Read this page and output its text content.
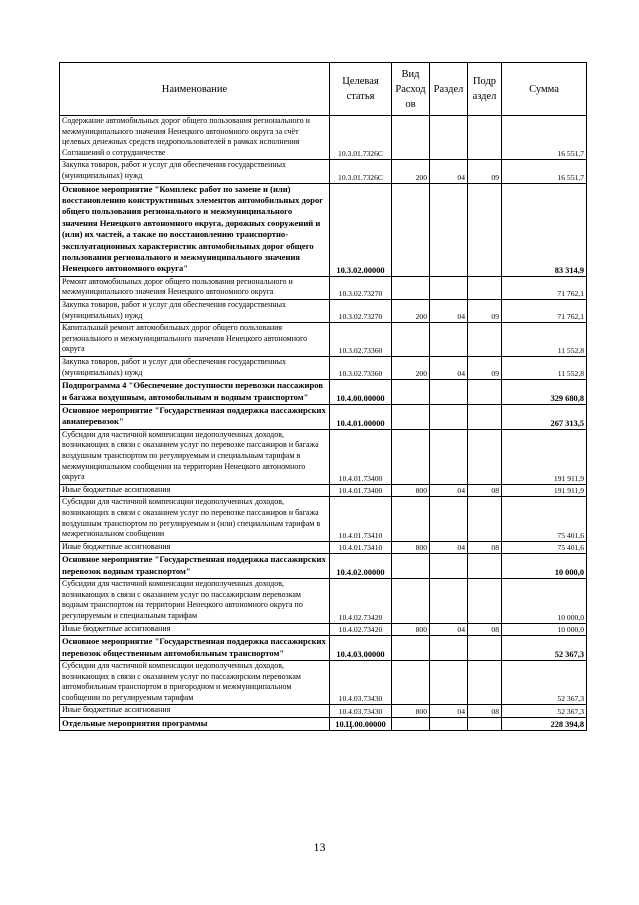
Наименование	Целевая статья	Вид Расход ов	Раздел	Подр аздел	Сумма
Содержание автомобильных дорог общего пользования регионального и межмуниципального значения Ненецкого автономного округа за счёт целевых денежных средств недропользователей в рамках исполнения Соглашений о сотрудничестве	10.3.01.7326С				16 551,7
Закупка товаров, работ и услуг для обеспечения государственных (муниципальных) нужд	10.3.01.7326С	200	04	09	16 551,7
Основное мероприятие "Комплекс работ по замене и (или) восстановлению конструктивных элементов автомобильных дорог общего пользования регионального и межмуниципального значения Ненецкого автономного округа, дорожных сооружений и (или) их частей, а также по восстановлению транспортно-эксплуатационных характеристик автомобильных дорог общего пользования регионального и межмуниципального значения Ненецкого автономного округа"	10.3.02.00000				83 314,9
Ремонт автомобильных дорог общего пользования регионального и межмуниципального значения Ненецкого автономного округа	10.3.02.73270				71 762,1
Закупка товаров, работ и услуг для обеспечения государственных (муниципальных) нужд	10.3.02.73270	200	04	09	71 762,1
Капитальный ремонт автомобильных дорог общего пользования регионального и межмуниципального значения Ненецкого автономного округа	10.3.02.73360				11 552,8
Закупка товаров, работ и услуг для обеспечения государственных (муниципальных) нужд	10.3.02.73360	200	04	09	11 552,8
Подпрограмма 4 "Обеспечение доступности перевозки пассажиров и багажа воздушным, автомобильным и водным транспортом"	10.4.00.00000				329 680,8
Основное мероприятие "Государственная поддержка пассажирских авиаперевозок"	10.4.01.00000				267 313,5
Субсидии для частичной компенсации недополученных доходов, возникающих в связи с оказанием услуг по перевозке пассажиров и багажа воздушным транспортом по регулируемым и специальным тарифам в межмуниципальном сообщении на территории Ненецкого автономного округа	10.4.01.73400				191 911,9
Иные бюджетные ассигнования	10.4.01.73400	800	04	08	191 911,9
Субсидии для частичной компенсации недополученных доходов, возникающих в связи с оказанием услуг по перевозке пассажиров и багажа воздушным транспортом по регулируемым и (или) специальным тарифам в межрегиональном сообщении	10.4.01.73410				75 401,6
Иные бюджетные ассигнования	10.4.01.73410	800	04	08	75 401,6
Основное мероприятие "Государственная поддержка пассажирских перевозок водным транспортом"	10.4.02.00000				10 000,0
Субсидии для частичной компенсации недополученных доходов, возникающих в связи с оказанием услуг по пассажирским перевозкам водным транспортом на территории Ненецкого автономного округа по регулируемым и специальным тарифам	10.4.02.73420				10 000,0
Иные бюджетные ассигнования	10.4.02.73420	800	04	08	10 000,0
Основное мероприятие "Государственная поддержка пассажирских перевозок общественным автомобильным транспортом"	10.4.03.00000				52 367,3
Субсидии для частичной компенсации недополученных доходов, возникающих в связи с оказанием услуг по пассажирским перевозкам автомобильным транспортом в пригородном и межмуниципальном сообщении по регулируемым тарифам	10.4.03.73430				52 367,3
Иные бюджетные ассигнования	10.4.03.73430	800	04	08	52 367,3
Отдельные мероприятия программы	10.Ц.00.00000				228 394,8
13
